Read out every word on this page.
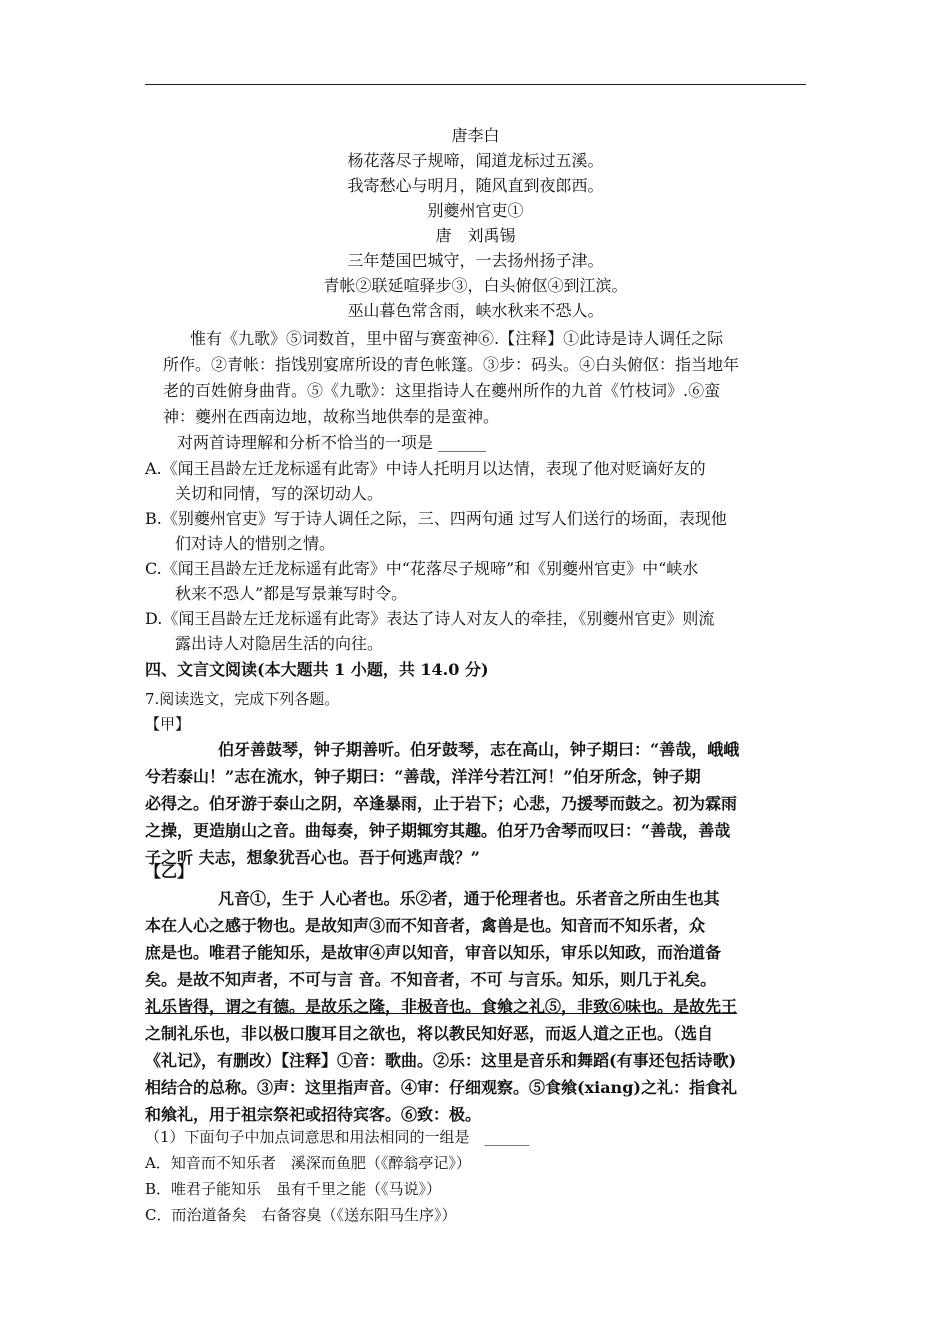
唐李白
杨花落尽子规啼，闻道龙标过五溪。
我寄愁心与明月，随风直到夜郎西。
别夔州官吏①
唐　刘禹锡
三年楚国巴城守，一去扬州扬子津。
青帐②联延喧驿步③，白头俯伛④到江滨。
巫山暮色常含雨，峡水秋来不恐人。
惟有《九歌》⑤词数首，里中留与赛蛮神⑥.【注释】①此诗是诗人调任之际
所作。②青帐：指饯别宴席所设的青色帐篷。③步：码头。④白头俯伛：指当地年
老的百姓俯身曲背。⑤《九歌》：这里指诗人在夔州所作的九首《竹枝词》.⑥蛮
神：夔州在西南边地，故称当地供奉的是蛮神。
对两首诗理解和分析不恰当的一项是 ______
A.《闻王昌龄左迁龙标遥有此寄》中诗人托明月以达情，表现了他对贬谪好友的
关切和同情，写的深切动人。
B.《别夔州官吏》写于诗人调任之际，三、四两句通 过写人们送行的场面，表现他
们对诗人的惜别之情。
C.《闻王昌龄左迁龙标遥有此寄》中“花落尽子规啼”和《别夔州官吏》中“峡水
秋来不恐人”都是写景兼写时令。
D.《闻王昌龄左迁龙标遥有此寄》表达了诗人对友人的牵挂，《别夔州官吏》则流
露出诗人对隐居生活的向往。
四、文言文阅读(本大题共 1 小题，共 14.0 分)
7.阅读选文，完成下列各题。
【甲】
伯牙善鼓琴，钟子期善听。伯牙鼓琴，志在高山，钟子期曰：“善哉，峨峨
兮若泰山！”志在流水，钟子期曰：“善哉，洋洋兮若江河！”伯牙所念，钟子期
必得之。伯牙游于泰山之阴，卒逢暴雨，止于岩下；心悲，乃援琴而鼓之。初为霖雨
之操，更造崩山之音。曲每奏，钟子期辄穷其趣。伯牙乃舍琴而叹曰：“善哉，善哉
子之听 夫志，想象犹吾心也。吾于何逃声哉？”
【乙】
凡音①，生于 人心者也。乐②者，通于伦理者也。乐者音之所由生也其
本在人心之感于物也。是故知声③而不知音者，禽兽是也。知音而不知乐者，众
庶是也。唯君子能知乐，是故审④声以知音，审音以知乐，审乐以知政，而治道备
矣。是故不知声者，不可与言 音。不知音者，不可 与言乐。知乐，则几于礼矣。
礼乐皆得，谓之有德。是故乐之隆，非极音也。食飨之礼⑤，非致⑥味也。是故先王
之制礼乐也，非以极口腹耳目之欲也，将以教民知好恶，而返人道之正也。（选自
《礼记》，有删改）【注释】①音：歌曲。②乐：这里是音乐和舞蹈(有事还包括诗歌)
相结合的总称。③声：这里指声音。④审：仔细观察。⑤食飨(xiang)之礼：指食礼
和飨礼，用于祖宗祭祀或招待宾客。⑥致：极。
（1）下面句子中加点词意思和用法相同的一组是　______
A．知音而不知乐者　溪深而鱼肥（《醉翁亭记》）
B．唯君子能知乐　虽有千里之能（《马说》）
C．而治道备矣　右备容臭（《送东阳马生序》）
